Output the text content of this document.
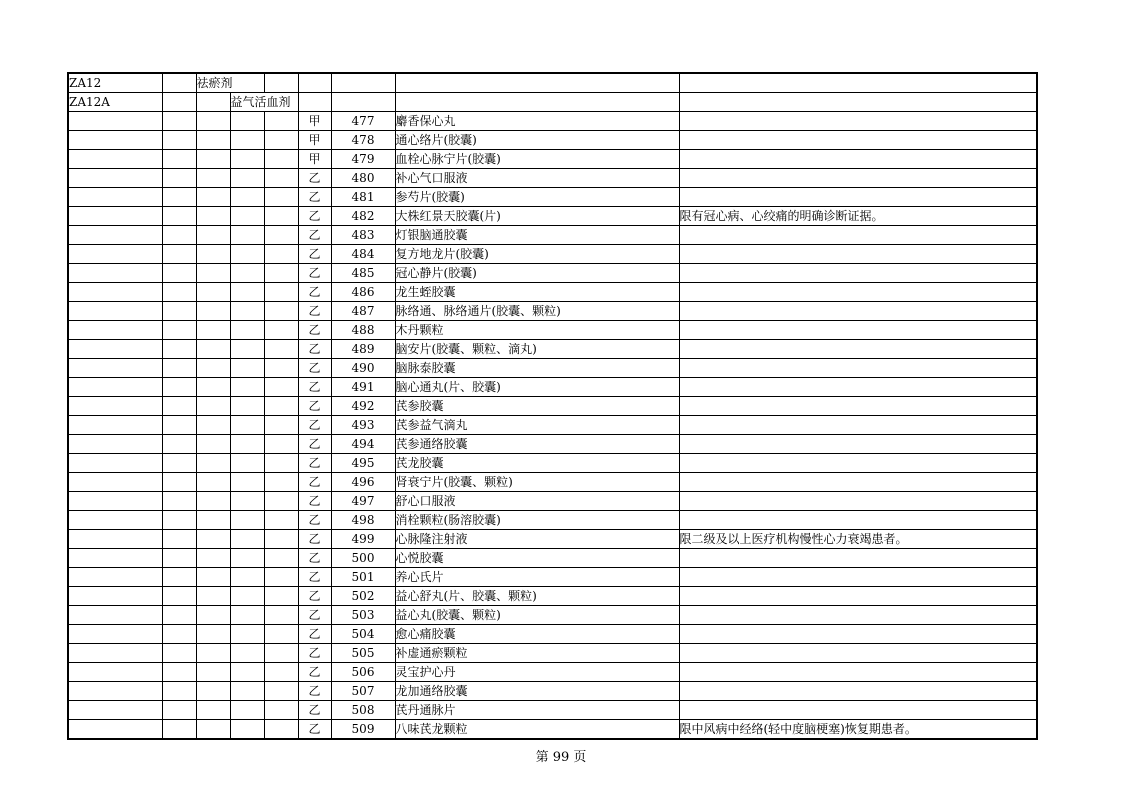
ZA12		祛瘀剂						
ZA12A			益气活血剂					
					甲	477	麝香保心丸	
					甲	478	通心络片(胶囊)	
					甲	479	血栓心脉宁片(胶囊)	
					乙	480	补心气口服液	
					乙	481	参芍片(胶囊)	
					乙	482	大株红景天胶囊(片)	限有冠心病、心绞痛的明确诊断证据。
					乙	483	灯银脑通胶囊	
					乙	484	复方地龙片(胶囊)	
					乙	485	冠心静片(胶囊)	
					乙	486	龙生蛭胶囊	
					乙	487	脉络通、脉络通片(胶囊、颗粒)	
					乙	488	木丹颗粒	
					乙	489	脑安片(胶囊、颗粒、滴丸)	
					乙	490	脑脉泰胶囊	
					乙	491	脑心通丸(片、胶囊)	
					乙	492	芪参胶囊	
					乙	493	芪参益气滴丸	
					乙	494	芪参通络胶囊	
					乙	495	芪龙胶囊	
					乙	496	肾衰宁片(胶囊、颗粒)	
					乙	497	舒心口服液	
					乙	498	消栓颗粒(肠溶胶囊)	
					乙	499	心脉隆注射液	限二级及以上医疗机构慢性心力衰竭患者。
					乙	500	心悦胶囊	
					乙	501	养心氏片	
					乙	502	益心舒丸(片、胶囊、颗粒)	
					乙	503	益心丸(胶囊、颗粒)	
					乙	504	愈心痛胶囊	
					乙	505	补虚通瘀颗粒	
					乙	506	灵宝护心丹	
					乙	507	龙加通络胶囊	
					乙	508	芪丹通脉片	
					乙	509	八味芪龙颗粒	限中风病中经络(轻中度脑梗塞)恢复期患者。
第 99 页
